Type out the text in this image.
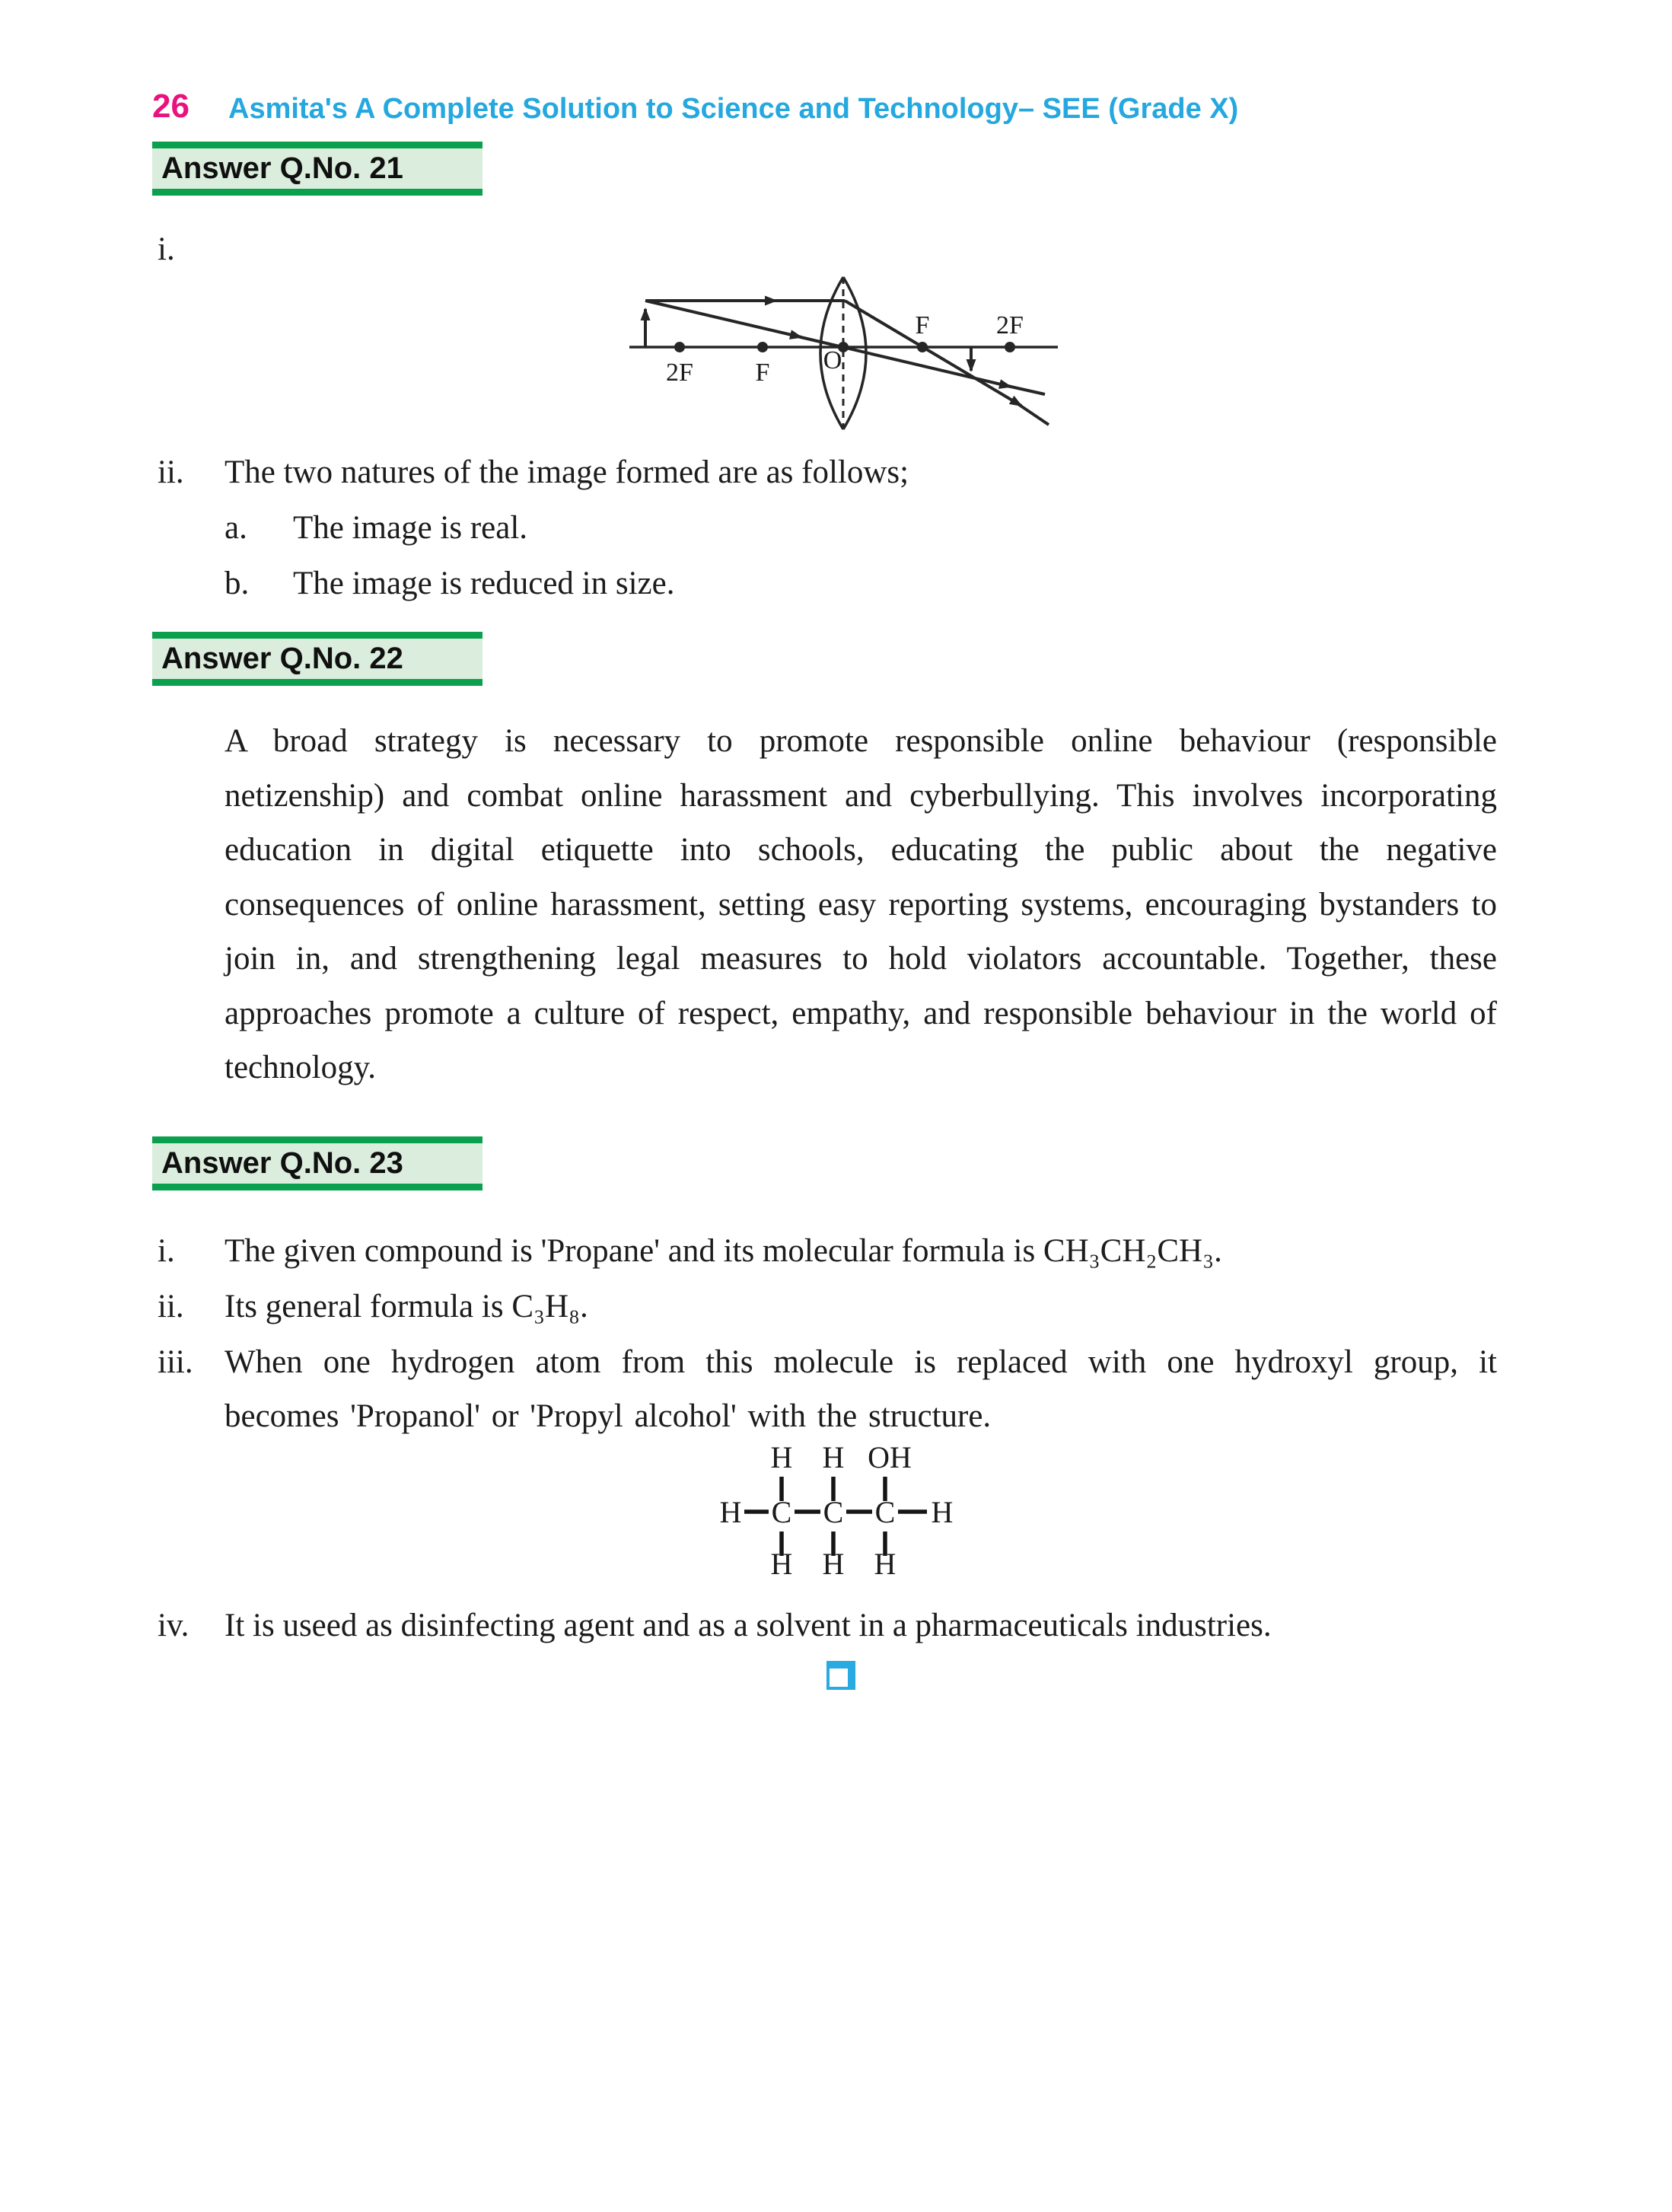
26 Asmita's A Complete Solution to Science and Technology– SEE (Grade X)
Answer Q.No. 21
i.
2F F O
F	2F
ii. The two natures of the image formed are as follows;
a. The image is real.
b. The image is reduced in size.
Answer Q.No. 22
A broad strategy is necessary to promote responsible online behaviour (responsible netizenship) and combat online harassment and cyberbullying. This involves incorporating education in digital etiquette into schools, educating the public about the negative consequences of online harassment, setting easy reporting systems, encouraging bystanders to join in, and strengthening legal measures to hold violators accountable. Together, these approaches promote a culture of respect, empathy, and responsible behaviour in the world of technology.
Answer Q.No. 23
i. The given compound is 'Propane' and its molecular formula is CH₃CH₂CH₃.
ii. Its general formula is C₃H₈.
iii. When one hydrogen atom from this molecule is replaced with one hydroxyl group, it becomes 'Propanol' or 'Propyl alcohol' with the structure.
H H OH
H C C C H
H H H
iv. It is useed as disinfecting agent and as a solvent in a pharmaceuticals industries.
